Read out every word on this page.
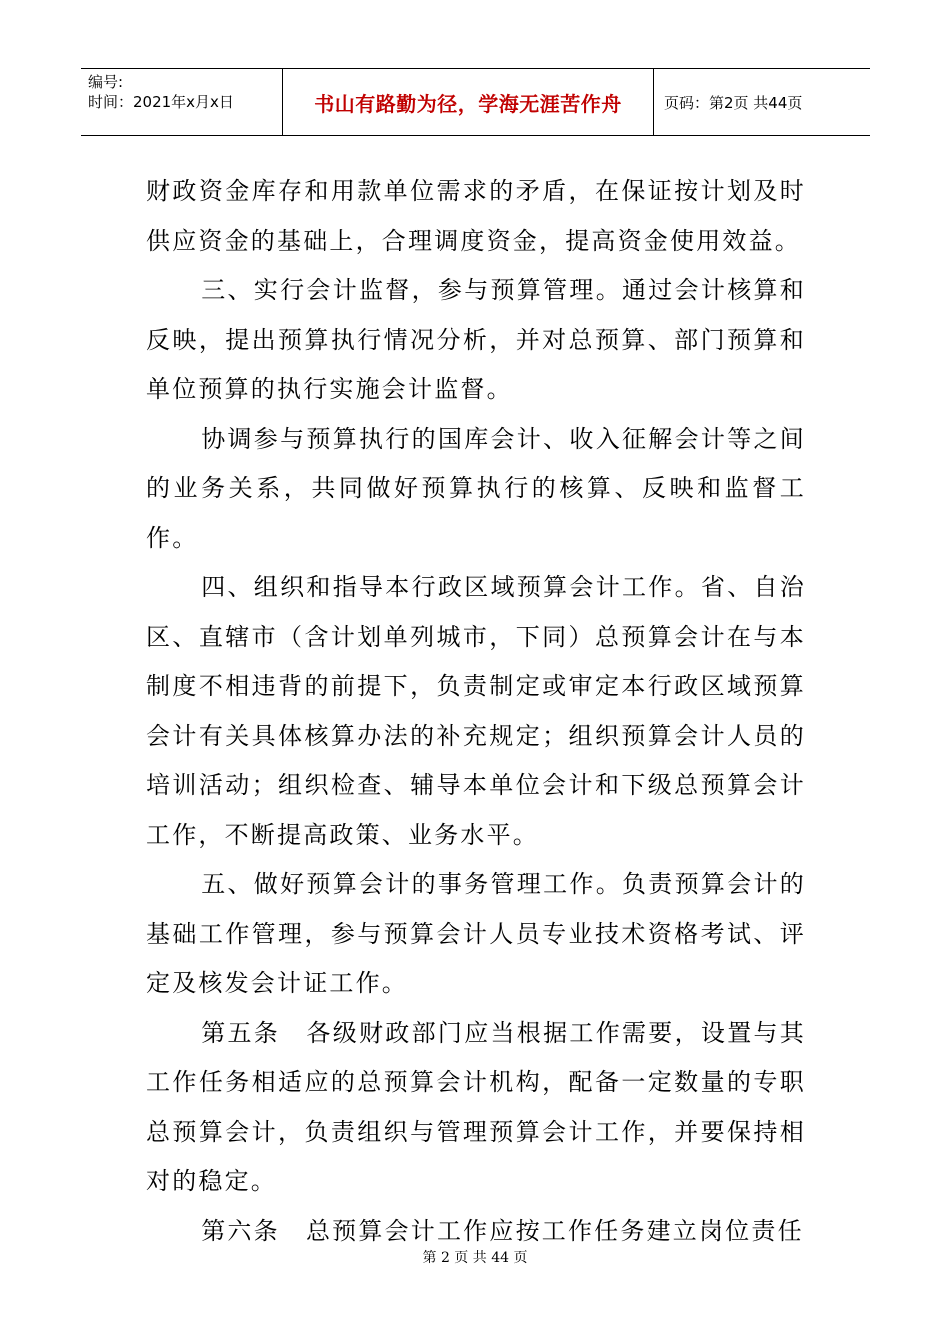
编号:
时间：2021年x月x日	书山有路勤为径，学海无涯苦作舟	页码：第2页 共44页

财政资金库存和用款单位需求的矛盾，在保证按计划及时供应资金的基础上，合理调度资金，提高资金使用效益。

三、实行会计监督，参与预算管理。通过会计核算和反映，提出预算执行情况分析，并对总预算、部门预算和单位预算的执行实施会计监督。

协调参与预算执行的国库会计、收入征解会计等之间的业务关系，共同做好预算执行的核算、反映和监督工作。

四、组织和指导本行政区域预算会计工作。省、自治区、直辖市（含计划单列城市，下同）总预算会计在与本制度不相违背的前提下，负责制定或审定本行政区域预算会计有关具体核算办法的补充规定；组织预算会计人员的培训活动；组织检查、辅导本单位会计和下级总预算会计工作，不断提高政策、业务水平。

五、做好预算会计的事务管理工作。负责预算会计的基础工作管理，参与预算会计人员专业技术资格考试、评定及核发会计证工作。

第五条　各级财政部门应当根据工作需要，设置与其工作任务相适应的总预算会计机构，配备一定数量的专职总预算会计，负责组织与管理预算会计工作，并要保持相对的稳定。

第六条　总预算会计工作应按工作任务建立岗位责任

第 2 页 共 44 页
